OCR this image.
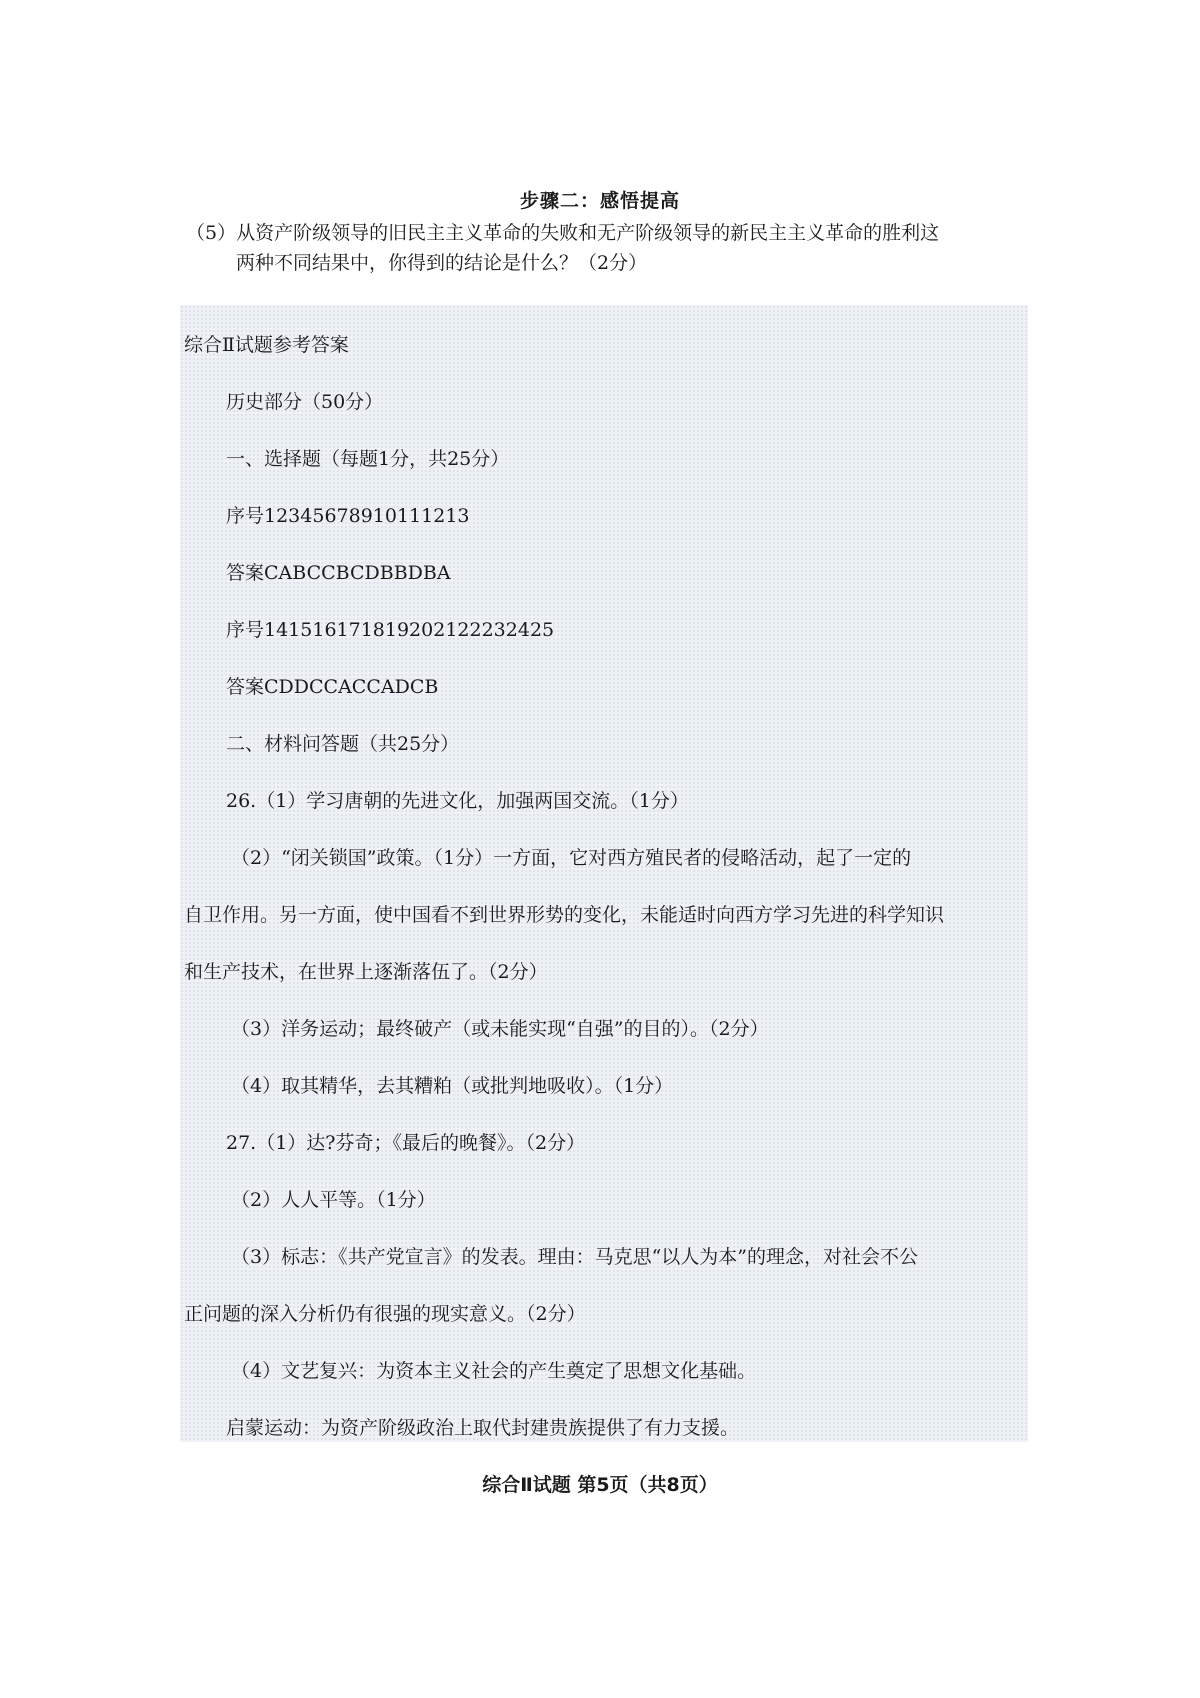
步骤二：感悟提高
（5）从资产阶级领导的旧民主主义革命的失败和无产阶级领导的新民主主义革命的胜利这
两种不同结果中，你得到的结论是什么？（2分）

综合Ⅱ试题参考答案

历史部分（50分）

一、选择题（每题1分，共25分）

序号12345678910111213

答案CABCCBCDBBDBA

序号141516171819202122232425

答案CDDCCACCADCB

二、材料问答题（共25分）

26.（1）学习唐朝的先进文化，加强两国交流。（1分）

（2）“闭关锁国”政策。（1分）一方面，它对西方殖民者的侵略活动，起了一定的

自卫作用。另一方面，使中国看不到世界形势的变化，未能适时向西方学习先进的科学知识

和生产技术，在世界上逐渐落伍了。（2分）

（3）洋务运动；最终破产（或未能实现“自强”的目的）。（2分）

（4）取其精华，去其糟粕（或批判地吸收）。（1分）

27.（1）达?芬奇；《最后的晚餐》。（2分）

（2）人人平等。（1分）

（3）标志：《共产党宣言》的发表。理由：马克思“以人为本”的理念，对社会不公

正问题的深入分析仍有很强的现实意义。（2分）

（4）文艺复兴：为资本主义社会的产生奠定了思想文化基础。

启蒙运动：为资产阶级政治上取代封建贵族提供了有力支援。

综合Ⅱ试题 第5页（共8页）
